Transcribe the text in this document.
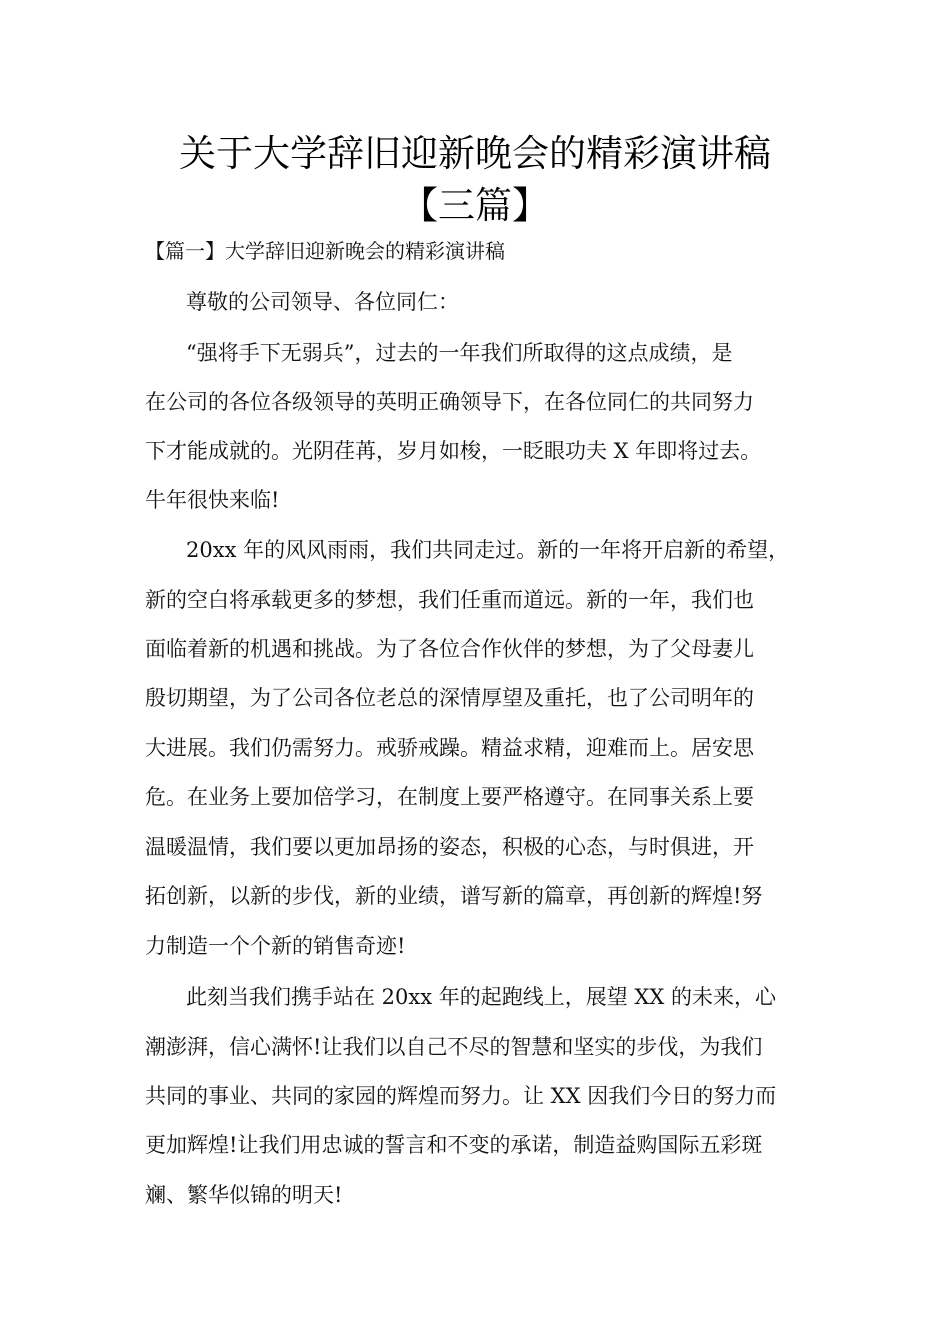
关于大学辞旧迎新晚会的精彩演讲稿
【三篇】
【篇一】大学辞旧迎新晚会的精彩演讲稿
尊敬的公司领导、各位同仁：
“强将手下无弱兵”，过去的一年我们所取得的这点成绩，是
在公司的各位各级领导的英明正确领导下，在各位同仁的共同努力
下才能成就的。光阴荏苒，岁月如梭，一眨眼功夫 X 年即将过去。
牛年很快来临!
20xx 年的风风雨雨，我们共同走过。新的一年将开启新的希望，
新的空白将承载更多的梦想，我们任重而道远。新的一年，我们也
面临着新的机遇和挑战。为了各位合作伙伴的梦想，为了父母妻儿
殷切期望，为了公司各位老总的深情厚望及重托，也了公司明年的
大进展。我们仍需努力。戒骄戒躁。精益求精，迎难而上。居安思
危。在业务上要加倍学习，在制度上要严格遵守。在同事关系上要
温暖温情，我们要以更加昂扬的姿态，积极的心态，与时俱进，开
拓创新，以新的步伐，新的业绩，谱写新的篇章，再创新的辉煌!努
力制造一个个新的销售奇迹!
此刻当我们携手站在 20xx 年的起跑线上，展望 XX 的未来，心
潮澎湃，信心满怀!让我们以自己不尽的智慧和坚实的步伐，为我们
共同的事业、共同的家园的辉煌而努力。让 XX 因我们今日的努力而
更加辉煌!让我们用忠诚的誓言和不变的承诺，制造益购国际五彩斑
斓、繁华似锦的明天!
